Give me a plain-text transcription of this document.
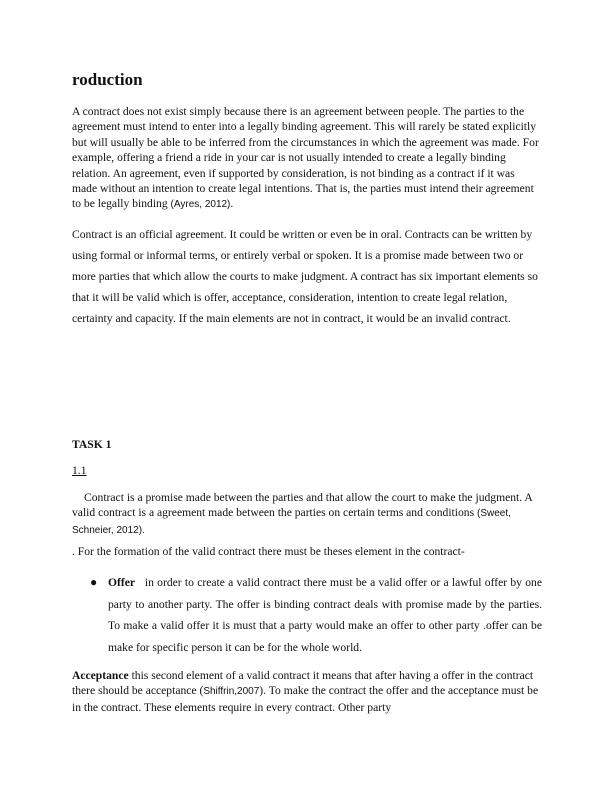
roduction

A contract does not exist simply because there is an agreement between people. The parties to the agreement must intend to enter into a legally binding agreement. This will rarely be stated explicitly but will usually be able to be inferred from the circumstances in which the agreement was made. For example, offering a friend a ride in your car is not usually intended to create a legally binding relation. An agreement, even if supported by consideration, is not binding as a contract if it was made without an intention to create legal intentions. That is, the parties must intend their agreement to be legally binding (Ayres, 2012).

Contract is an official agreement. It could be written or even be in oral. Contracts can be written by using formal or informal terms, or entirely verbal or spoken. It is a promise made between two or more parties that which allow the courts to make judgment. A contract has six important elements so that it will be valid which is offer, acceptance, consideration, intention to create legal relation, certainty and capacity. If the main elements are not in contract, it would be an invalid contract.

TASK 1

1.1

Contract is a promise made between the parties and that allow the court to make the judgment. A valid contract is a agreement made between the parties on certain terms and conditions (Sweet, Schneier, 2012).

. For the formation of the valid contract there must be theses element in the contract-

● Offer in order to create a valid contract there must be a valid offer or a lawful offer by one party to another party. The offer is binding contract deals with promise made by the parties. To make a valid offer it is must that a party would make an offer to other party .offer can be make for specific person it can be for the whole world.

Acceptance this second element of a valid contract it means that after having a offer in the contract there should be acceptance (Shiffrin,2007). To make the contract the offer and the acceptance must be in the contract. These elements require in every contract. Other party
